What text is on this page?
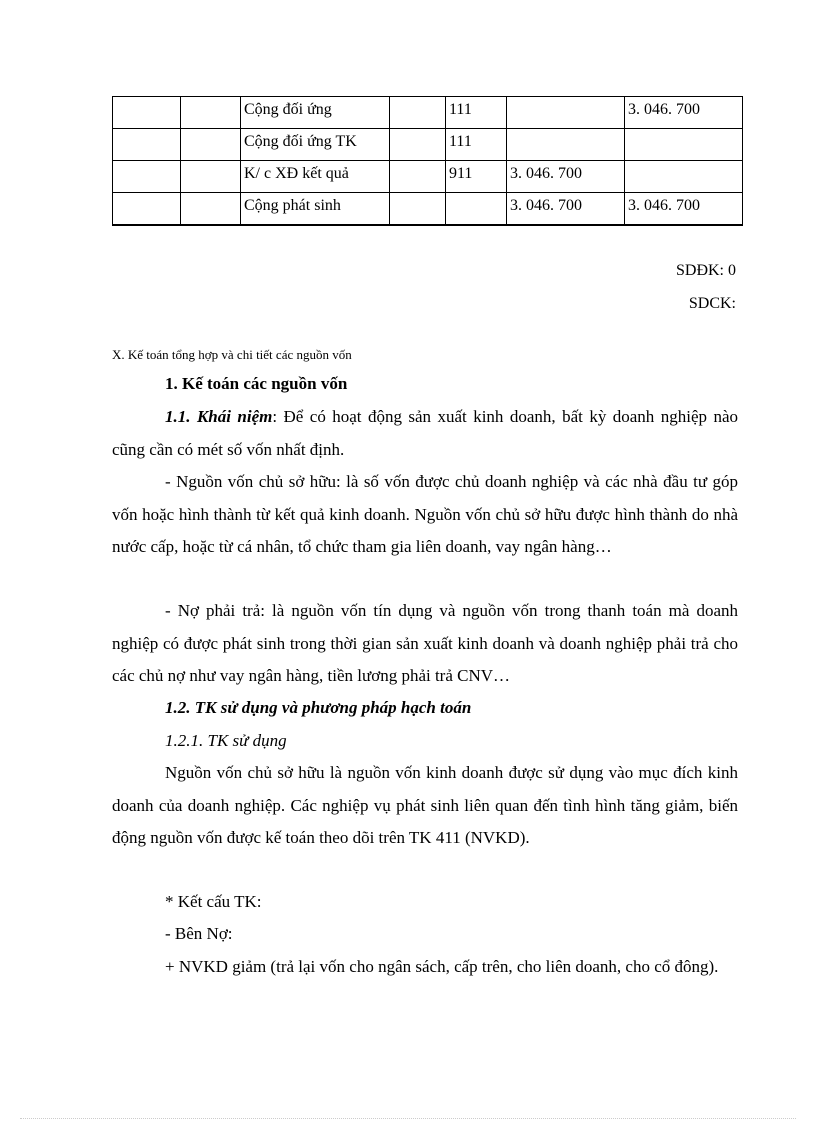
		Cộng đối ứng		111		3. 046. 700
		Cộng đối ứng TK		111		
		K/ c XĐ kết quả		911	3. 046. 700	
		Cộng phát sinh			3. 046. 700	3. 046. 700
SDĐK: 0
SDCK:
X. Kế toán tổng hợp và chi tiết các nguồn vốn
1. Kế toán các nguồn vốn
1.1. Khái niệm: Để có hoạt động sản xuất kinh doanh, bất kỳ doanh nghiệp nào cũng cần có mét số vốn nhất định.
- Nguồn vốn chủ sở hữu: là số vốn được chủ doanh nghiệp và các nhà đầu tư góp vốn hoặc hình thành từ kết quả kinh doanh. Nguồn vốn chủ sở hữu được hình thành do nhà nước cấp, hoặc từ cá nhân, tổ chức tham gia liên doanh, vay ngân hàng…
- Nợ phải trả: là nguồn vốn tín dụng và nguồn vốn trong thanh toán mà doanh nghiệp có được phát sinh trong thời gian sản xuất kinh doanh và doanh nghiệp phải trả cho các chủ nợ như vay ngân hàng, tiền lương phải trả CNV…
1.2. TK sử dụng và phương pháp hạch toán
1.2.1. TK sử dụng
Nguồn vốn chủ sở hữu là nguồn vốn kinh doanh được sử dụng vào mục đích kinh doanh của doanh nghiệp. Các nghiệp vụ phát sinh liên quan đến tình hình tăng giảm, biến động nguồn vốn được kế toán theo dõi trên TK 411 (NVKD).
* Kết cấu TK:
- Bên Nợ:
+ NVKD giảm (trả lại vốn cho ngân sách, cấp trên, cho liên doanh, cho cổ đông).
